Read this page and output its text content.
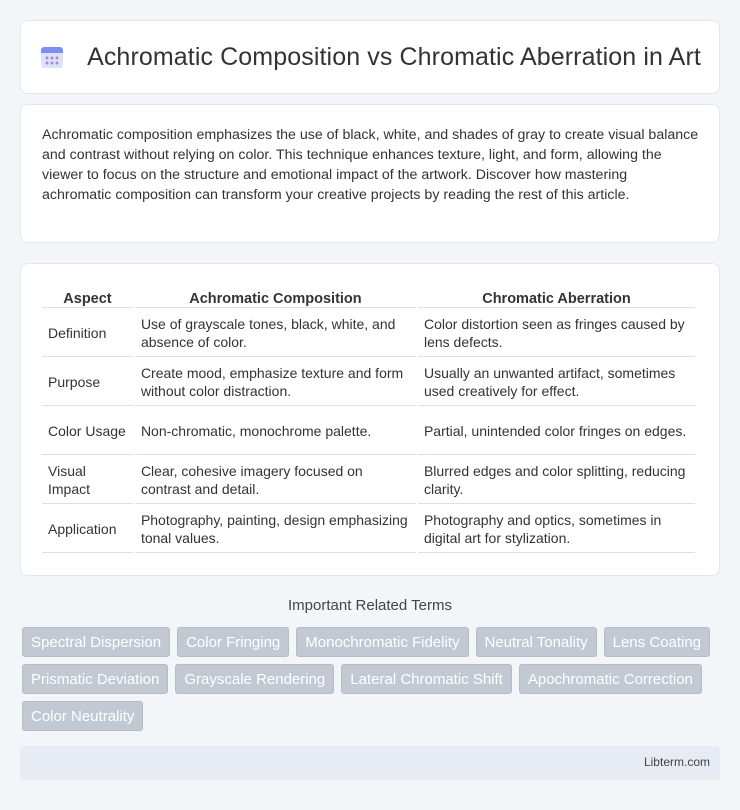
Achromatic Composition vs Chromatic Aberration in Art

Achromatic composition emphasizes the use of black, white, and shades of gray to create visual balance and contrast without relying on color. This technique enhances texture, light, and form, allowing the viewer to focus on the structure and emotional impact of the artwork. Discover how mastering achromatic composition can transform your creative projects by reading the rest of this article.

Aspect	Achromatic Composition	Chromatic Aberration
Definition	Use of grayscale tones, black, white, and absence of color.	Color distortion seen as fringes caused by lens defects.
Purpose	Create mood, emphasize texture and form without color distraction.	Usually an unwanted artifact, sometimes used creatively for effect.
Color Usage	Non-chromatic, monochrome palette.	Partial, unintended color fringes on edges.
Visual Impact	Clear, cohesive imagery focused on contrast and detail.	Blurred edges and color splitting, reducing clarity.
Application	Photography, painting, design emphasizing tonal values.	Photography and optics, sometimes in digital art for stylization.
Important Related Terms
Spectral Dispersion	Color Fringing	Monochromatic Fidelity	Neutral Tonality	Lens Coating
Prismatic Deviation	Grayscale Rendering	Lateral Chromatic Shift	Apochromatic Correction
Color Neutrality
Libterm.com
